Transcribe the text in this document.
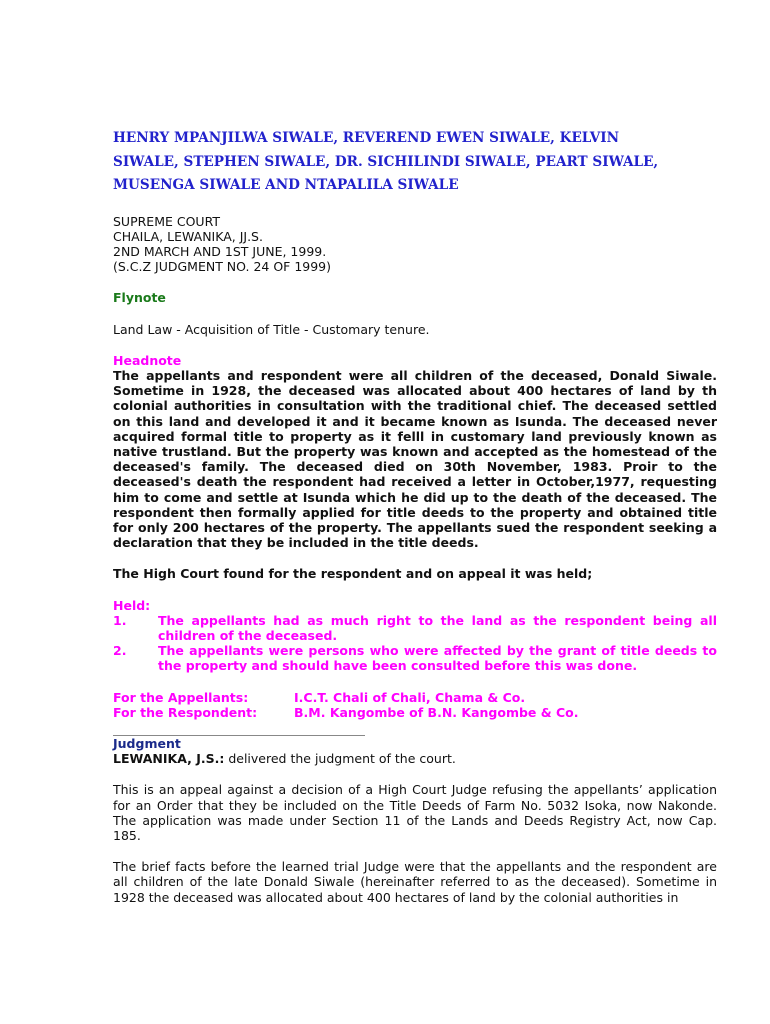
HENRY MPANJILWA SIWALE, REVEREND EWEN SIWALE, KELVIN
SIWALE, STEPHEN SIWALE, DR. SICHILINDI SIWALE, PEART SIWALE,
MUSENGA SIWALE AND NTAPALILA SIWALE
SUPREME COURT
CHAILA, LEWANIKA, JJ.S.
2ND MARCH AND 1ST JUNE, 1999.
(S.C.Z JUDGMENT NO. 24 OF 1999)
Flynote
Land Law - Acquisition of Title - Customary tenure.
Headnote
The appellants and respondent were all children of the deceased, Donald Siwale. Sometime in 1928, the deceased was allocated about 400 hectares of land by th colonial authorities in consultation with the traditional chief. The deceased settled on this land and developed it and it became known as Isunda. The deceased never acquired formal title to property as it felll in customary land previously known as native trustland. But the property was known and accepted as the homestead of the deceased's family. The deceased died on 30th November, 1983. Proir to the deceased's death the respondent had received a letter in October,1977, requesting him to come and settle at Isunda which he did up to the death of the deceased. The respondent then formally applied for title deeds to the property and obtained title for only 200 hectares of the property. The appellants sued the respondent seeking a declaration that they be included in the title deeds.
The High Court found for the respondent and on appeal it was held;
Held:
1.	The appellants had as much right to the land as the respondent being all children of the deceased.
2.	The appellants were persons who were affected by the grant of title deeds to the property and should have been consulted before this was done.
For the Appellants:	I.C.T. Chali of Chali, Chama & Co.
For the Respondent:	B.M. Kangombe of B.N. Kangombe & Co.
Judgment
LEWANIKA, J.S.: delivered the judgment of the court.
This is an appeal against a decision of a High Court Judge refusing the appellants’ application for an Order that they be included on the Title Deeds of Farm No. 5032 Isoka, now Nakonde. The application was made under Section 11 of the Lands and Deeds Registry Act, now Cap. 185.
The brief facts before the learned trial Judge were that the appellants and the respondent are all children of the late Donald Siwale (hereinafter referred to as the deceased). Sometime in 1928 the deceased was allocated about 400 hectares of land by the colonial authorities in
